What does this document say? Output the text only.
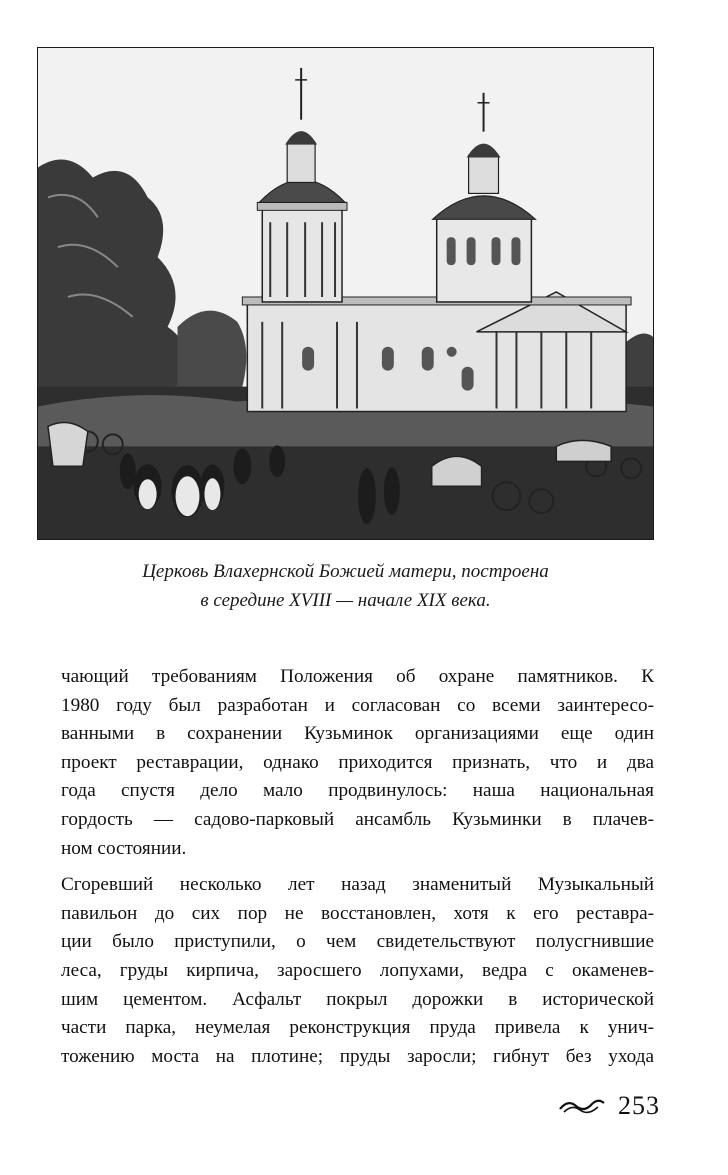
Церковь Влахернской Божией матери, построена
в середине XVIII — начале XIX века.
чающий требованиям Положения об охране памятников. К
1980 году был разработан и согласован со всеми заинтересо-
ванными в сохранении Кузьминок организациями еще один
проект реставрации, однако приходится признать, что и два
года спустя дело мало продвинулось: наша национальная
гордость — садово-парковый ансамбль Кузьминки в плачев-
ном состоянии.
Сгоревший несколько лет назад знаменитый Музыкальный
павильон до сих пор не восстановлен, хотя к его реставра-
ции было приступили, о чем свидетельствуют полусгнившие
леса, груды кирпича, заросшего лопухами, ведра с окаменев-
шим цементом. Асфальт покрыл дорожки в исторической
части парка, неумелая реконструкция пруда привела к унич-
тожению моста на плотине; пруды заросли; гибнут без ухода
253
